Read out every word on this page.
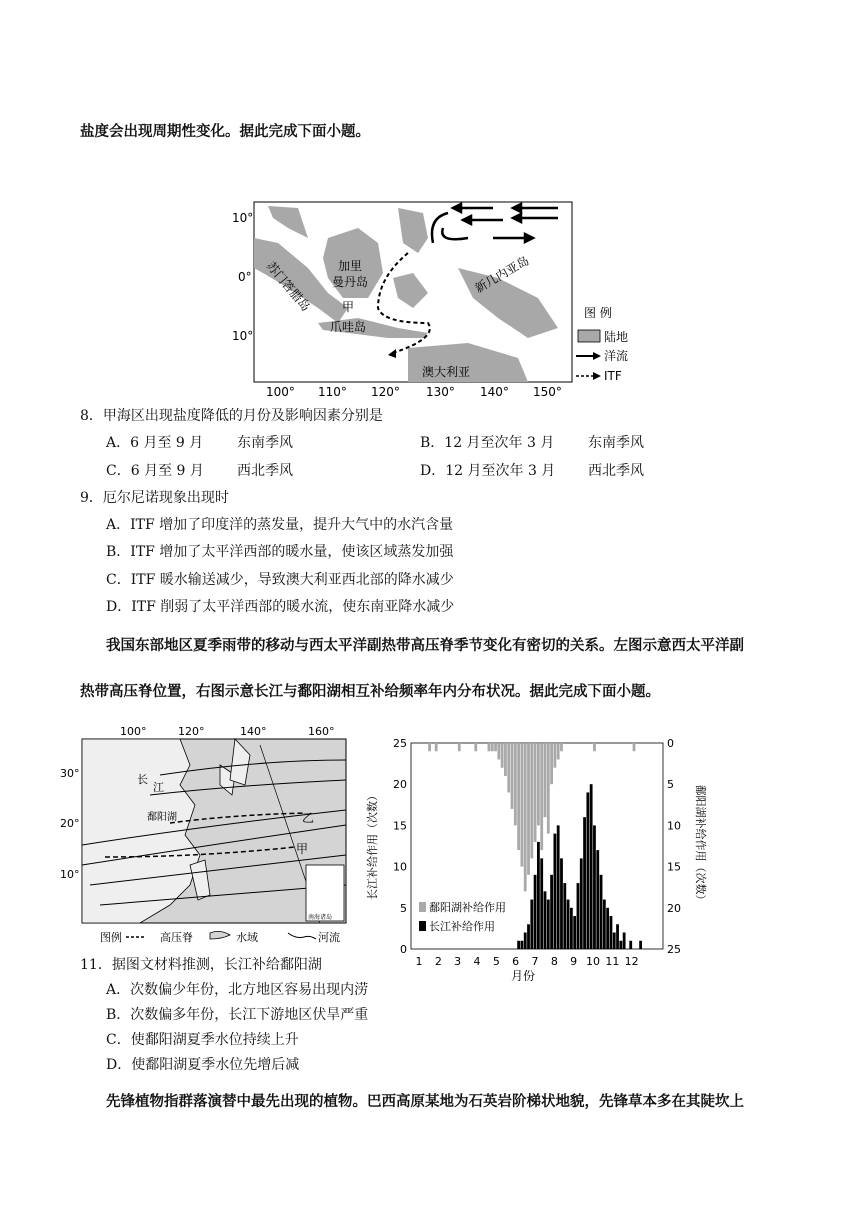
盐度会出现周期性变化。据此完成下面小题。
10°
0°
10°
100° 110° 120° 130° 140° 150°
苏门答腊岛 加里
曼丹岛
甲
爪哇岛
新几内亚岛
澳大利亚
图 例
陆地
洋流
ITF
8．甲海区出现盐度降低的月份及影响因素分别是
A．6 月至 9 月 东南季风	B．12 月至次年 3 月 东南季风
C．6 月至 9 月 西北季风	D．12 月至次年 3 月 西北季风
9．厄尔尼诺现象出现时
A．ITF 增加了印度洋的蒸发量，提升大气中的水汽含量
B．ITF 增加了太平洋西部的暖水量，使该区域蒸发加强
C．ITF 暖水输送减少，导致澳大利亚西北部的降水减少
D．ITF 削弱了太平洋西部的暖水流，使东南亚降水减少
我国东部地区夏季雨带的移动与西太平洋副热带高压脊季节变化有密切的关系。左图示意西太平洋副
热带高压脊位置，右图示意长江与鄱阳湖相互补给频率年内分布状况。据此完成下面小题。
100°	120°	140°	160°
30°
20°
10°
长
江
鄱阳湖	乙
甲
南海诸岛
图例	高压脊	水域	河流
0
5
10
15
20
25	0
5
10
15
20
25
1 2 3 4 5 6 7 8 9 10 11 12
长江补给作用（次数）	鄱阳湖补给作用（次数）
月份
鄱阳湖补给作用
长江补给作用
11．据图文材料推测，长江补给鄱阳湖
A．次数偏少年份，北方地区容易出现内涝
B．次数偏多年份，长江下游地区伏旱严重
C．使鄱阳湖夏季水位持续上升
D．使鄱阳湖夏季水位先增后减
先锋植物指群落演替中最先出现的植物。巴西高原某地为石英岩阶梯状地貌，先锋草本多在其陡坎上
